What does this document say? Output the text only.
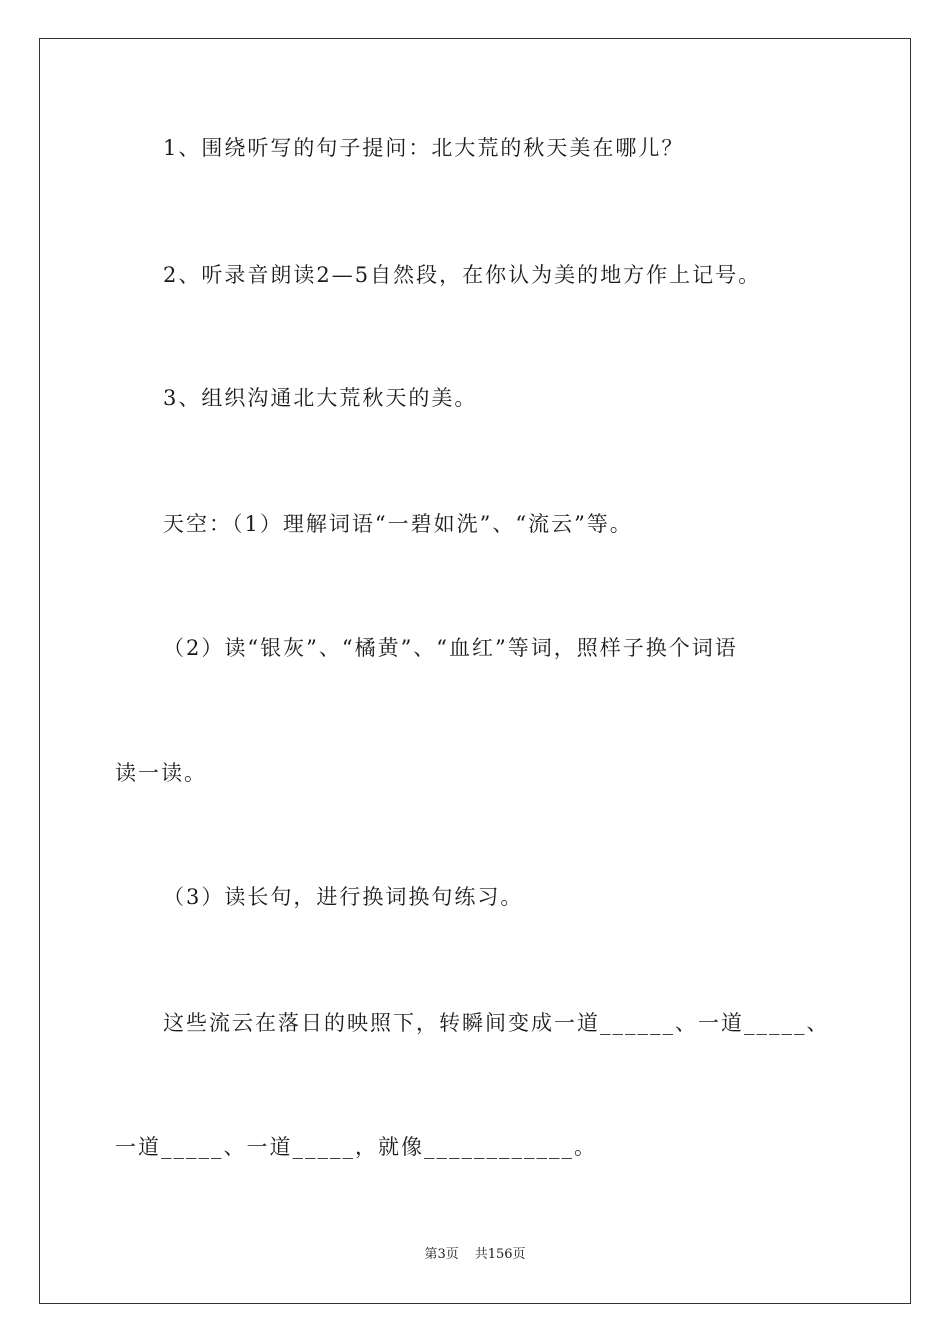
1、围绕听写的句子提问：北大荒的秋天美在哪儿？

2、听录音朗读2—5自然段，在你认为美的地方作上记号。

3、组织沟通北大荒秋天的美。

天空：（1）理解词语“一碧如洗”、“流云”等。

（2）读“银灰”、“橘黄”、“血红”等词，照样子换个词语

读一读。

（3）读长句，进行换词换句练习。

这些流云在落日的映照下，转瞬间变成一道______、一道_____、

一道_____、一道_____，就像____________。

第3页 共156页
